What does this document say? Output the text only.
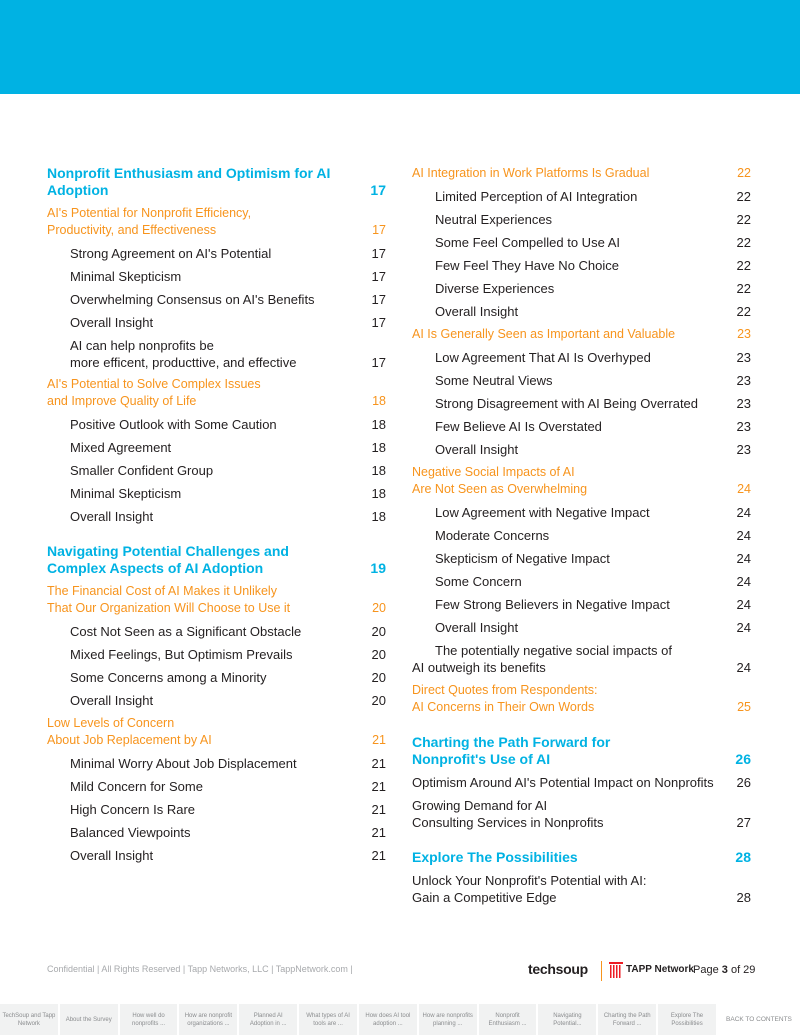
Nonprofit Enthusiasm and Optimism for AI
Adoption	17
AI's Potential for Nonprofit Efficiency,
Productivity, and Effectiveness	17
Strong Agreement on AI's Potential	17
Minimal Skepticism	17
Overwhelming Consensus on AI's Benefits	17
Overall Insight	17
AI can help nonprofits be
more efficent, producttive, and effective	17
AI's Potential to Solve Complex Issues
and Improve Quality of Life	18
Positive Outlook with Some Caution	18
Mixed Agreement	18
Smaller Confident Group	18
Minimal Skepticism	18
Overall Insight	18
Navigating Potential Challenges and
Complex Aspects of AI Adoption	19
The Financial Cost of AI Makes it Unlikely
That Our Organization Will Choose to Use it	20
Cost Not Seen as a Significant Obstacle	20
Mixed Feelings, But Optimism Prevails	20
Some Concerns among a Minority	20
Overall Insight	20
Low Levels of Concern
About Job Replacement by AI	21
Minimal Worry About Job Displacement	21
Mild Concern for Some	21
High Concern Is Rare	21
Balanced Viewpoints	21
Overall Insight	21
AI Integration in Work Platforms Is Gradual	22
Limited Perception of AI Integration	22
Neutral Experiences	22
Some Feel Compelled to Use AI	22
Few Feel They Have No Choice	22
Diverse Experiences	22
Overall Insight	22
AI Is Generally Seen as Important and Valuable	23
Low Agreement That AI Is Overhyped	23
Some Neutral Views	23
Strong Disagreement with AI Being Overrated	23
Few Believe AI Is Overstated	23
Overall Insight	23
Negative Social Impacts of AI
Are Not Seen as Overwhelming	24
Low Agreement with Negative Impact	24
Moderate Concerns	24
Skepticism of Negative Impact	24
Some Concern	24
Few Strong Believers in Negative Impact	24
Overall Insight	24
The potentially negative social impacts of
AI outweigh its benefits	24
Direct Quotes from Respondents:
AI Concerns in Their Own Words	25
Charting the Path Forward for
Nonprofit's Use of AI	26
Optimism Around AI's Potential Impact on Nonprofits	26
Growing Demand for AI
Consulting Services in Nonprofits	27
Explore The Possibilities	28
Unlock Your Nonprofit's Potential with AI:
Gain a Competitive Edge	28
Confidential | All Rights Reserved | Tapp Networks, LLC | TappNetwork.com |	techsoup	TAPP Network Page 3 of 29
TechSoup and Tapp Network
About the Survey
How well do nonprofits ...
How are nonprofit organizations ...
Planned AI Adoption in ...
What types of AI tools are ...
How does AI tool adoption ...
How are nonprofits planning ...
Nonprofit Enthusiasm ...
Navigating Potential...
Charting the Path Forward ...
Explore The Possibilities
BACK TO CONTENTS
